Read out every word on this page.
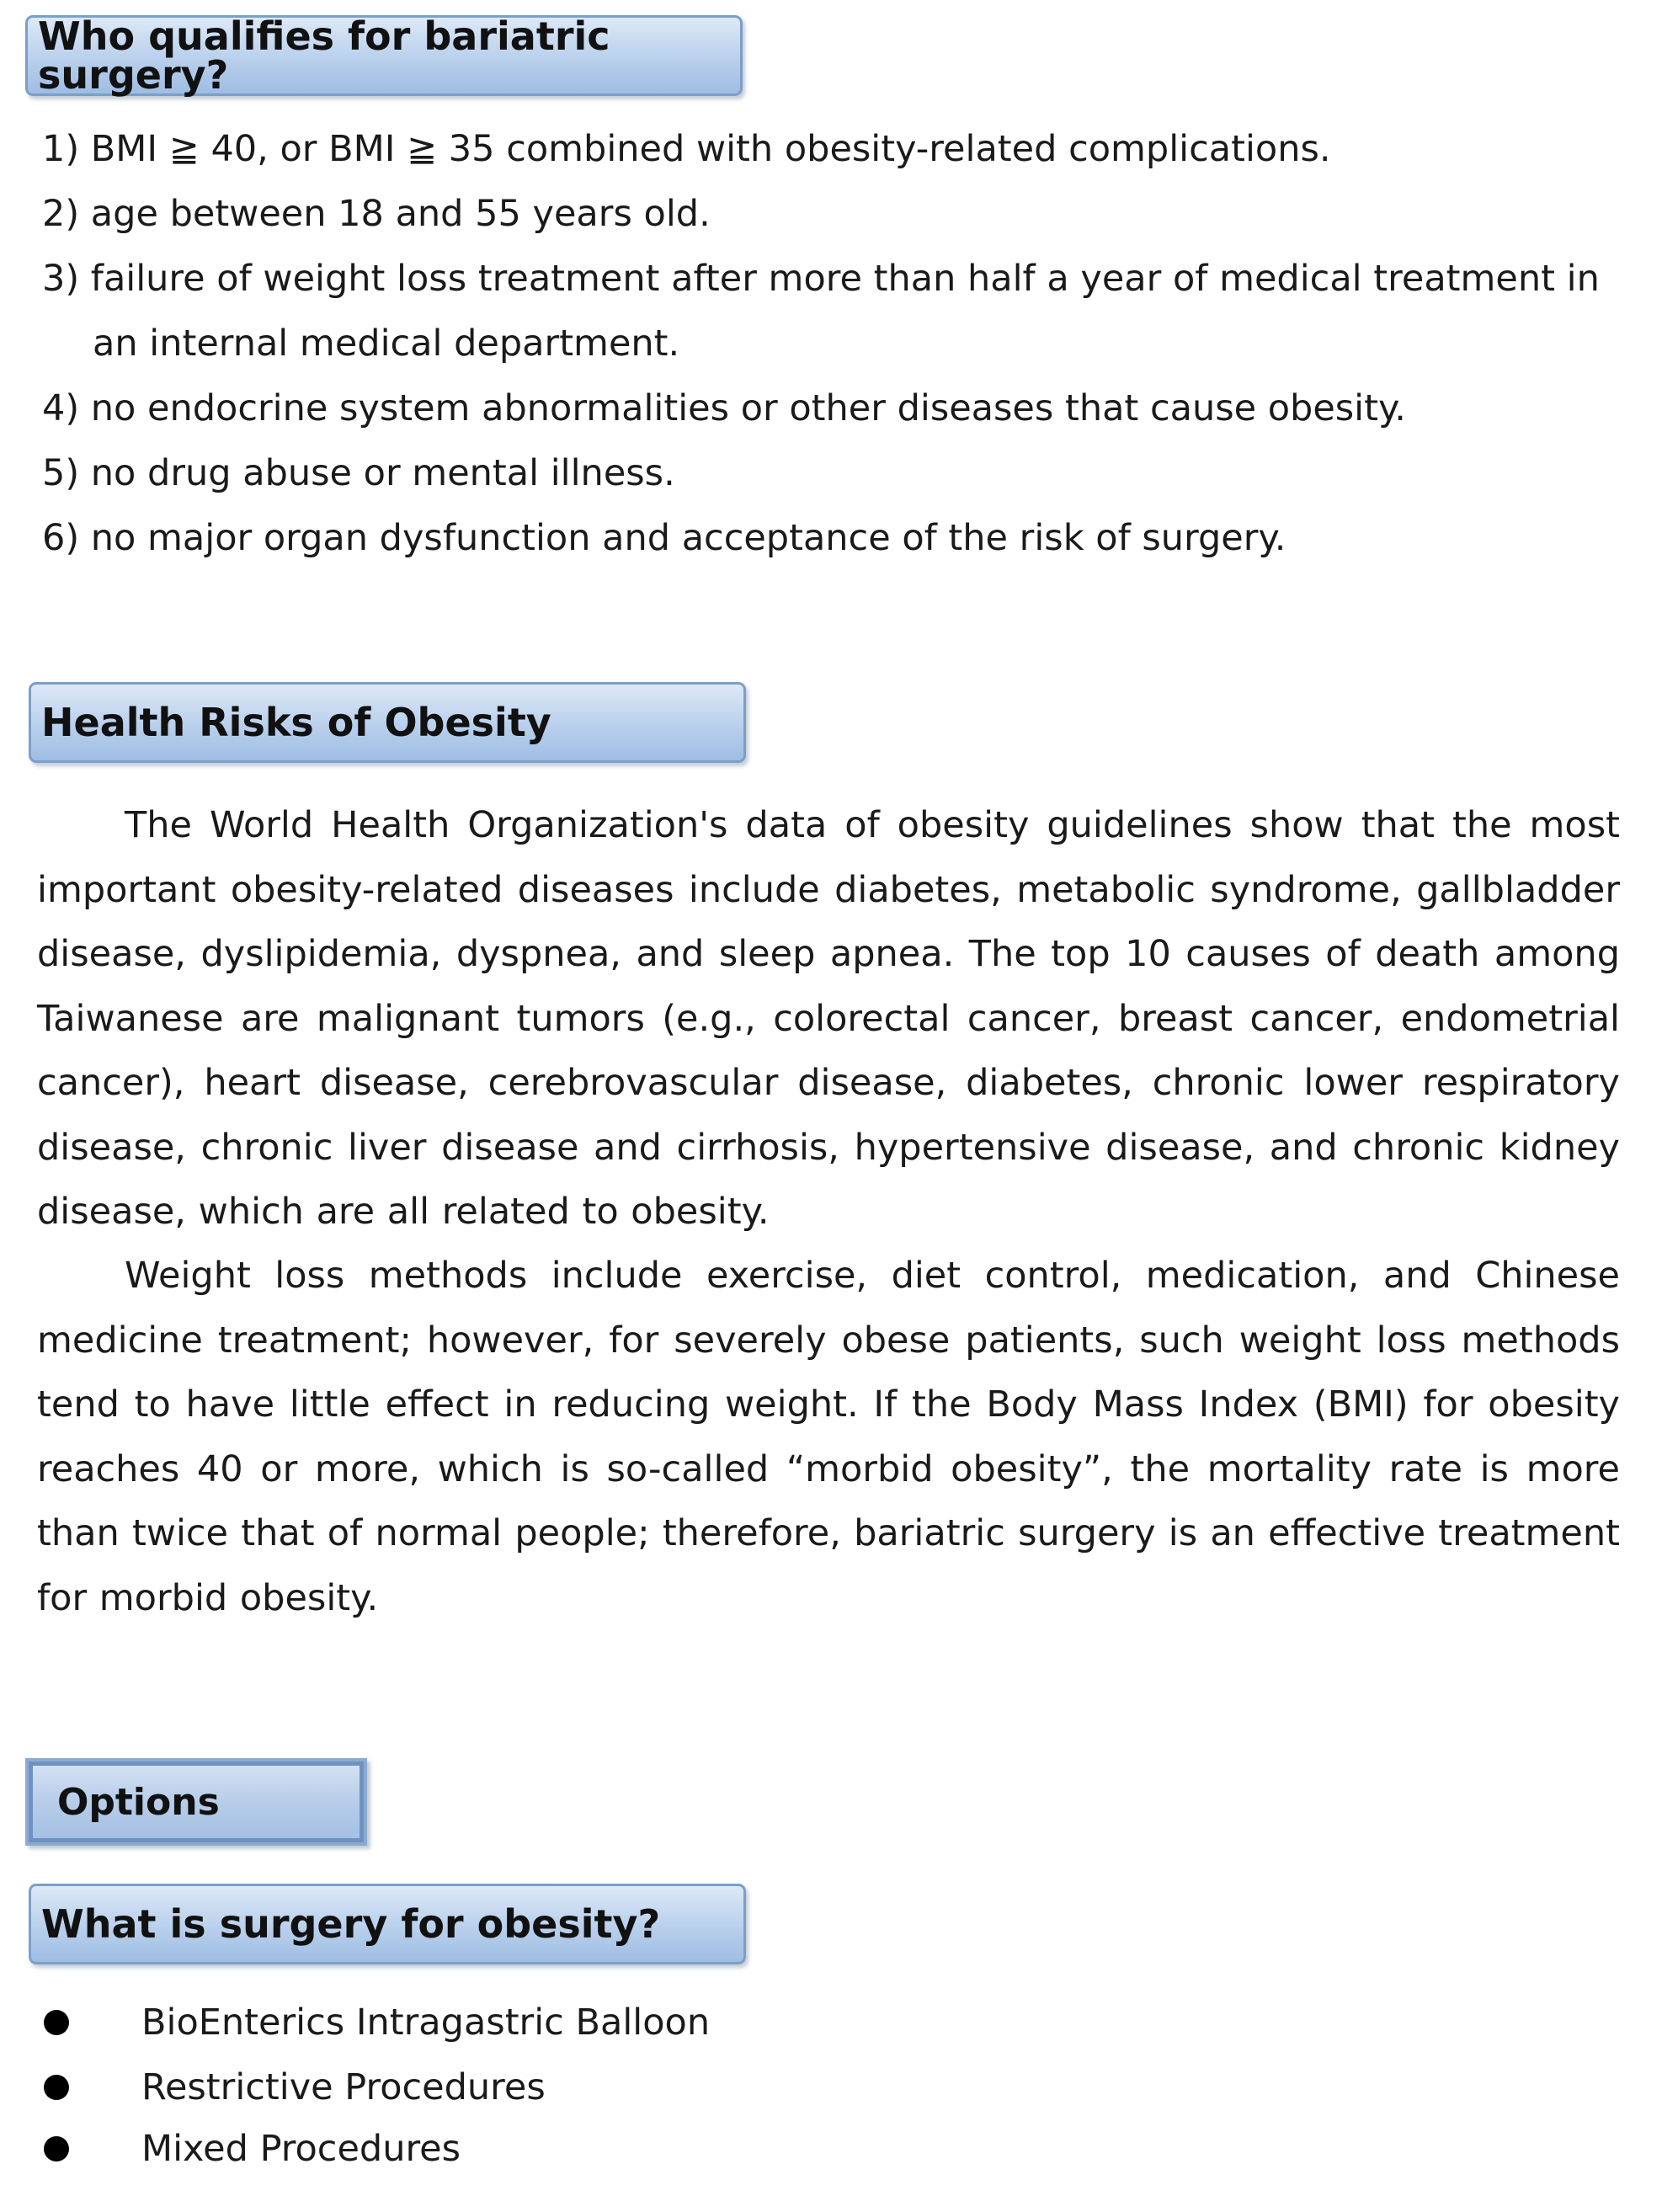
Who qualifies for bariatric surgery?
1) BMI ≧ 40, or BMI ≧ 35 combined with obesity-related complications.
2) age between 18 and 55 years old.
3) failure of weight loss treatment after more than half a year of medical treatment in
an internal medical department.
4) no endocrine system abnormalities or other diseases that cause obesity.
5) no drug abuse or mental illness.
6) no major organ dysfunction and acceptance of the risk of surgery.
Health Risks of Obesity

The World Health Organization's data of obesity guidelines show that the most important obesity-related diseases include diabetes, metabolic syndrome, gallbladder disease, dyslipidemia, dyspnea, and sleep apnea. The top 10 causes of death among Taiwanese are malignant tumors (e.g., colorectal cancer, breast cancer, endometrial cancer), heart disease, cerebrovascular disease, diabetes, chronic lower respiratory disease, chronic liver disease and cirrhosis, hypertensive disease, and chronic kidney disease, which are all related to obesity.

Weight loss methods include exercise, diet control, medication, and Chinese medicine treatment; however, for severely obese patients, such weight loss methods tend to have little effect in reducing weight. If the Body Mass Index (BMI) for obesity reaches 40 or more, which is so-called “morbid obesity”, the mortality rate is more than twice that of normal people; therefore, bariatric surgery is an effective treatment for morbid obesity.

Options
What is surgery for obesity?
BioEnterics Intragastric Balloon
Restrictive Procedures
Mixed Procedures
